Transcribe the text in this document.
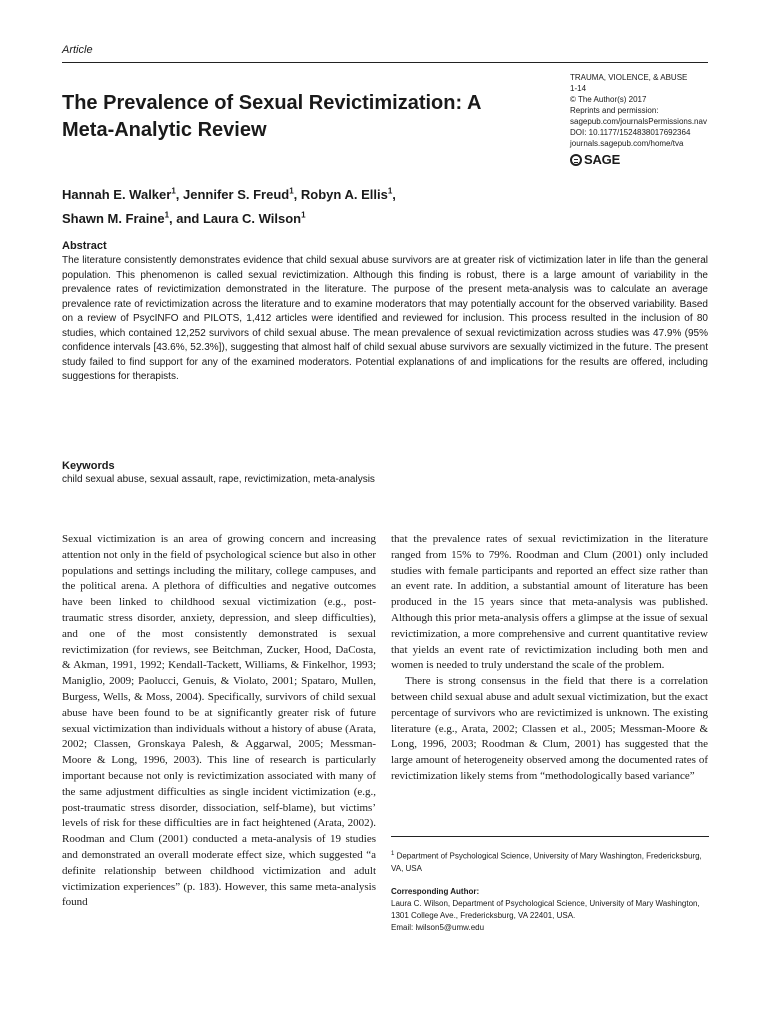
Article
The Prevalence of Sexual Revictimization: A Meta-Analytic Review
TRAUMA, VIOLENCE, & ABUSE
1-14
© The Author(s) 2017
Reprints and permission:
sagepub.com/journalsPermissions.nav
DOI: 10.1177/1524838017692364
journals.sagepub.com/home/tva
SAGE
Hannah E. Walker$^1$, Jennifer S. Freud$^1$, Robyn A. Ellis$^1$,
Shawn M. Fraine$^1$, and Laura C. Wilson$^1$
Abstract

The literature consistently demonstrates evidence that child sexual abuse survivors are at greater risk of victimization later in life than the general population. This phenomenon is called sexual revictimization. Although this finding is robust, there is a large amount of variability in the prevalence rates of revictimization demonstrated in the literature. The purpose of the present meta-analysis was to calculate an average prevalence rate of revictimization across the literature and to examine moderators that may potentially account for the observed variability. Based on a review of PsycINFO and PILOTS, 1,412 articles were identified and reviewed for inclusion. This process resulted in the inclusion of 80 studies, which contained 12,252 survivors of child sexual abuse. The mean prevalence of sexual revictimization across studies was 47.9% (95% confidence intervals [43.6%, 52.3%]), suggesting that almost half of child sexual abuse survivors are sexually victimized in the future. The present study failed to find support for any of the examined moderators. Potential explanations of and implications for the results are offered, including suggestions for therapists.

Keywords

child sexual abuse, sexual assault, rape, revictimization, meta-analysis

Sexual victimization is an area of growing concern and increasing attention not only in the field of psychological science but also in other populations and settings including the military, college campuses, and the political arena. A plethora of difficulties and negative outcomes have been linked to childhood sexual victimization (e.g., post-traumatic stress disorder, anxiety, depression, and sleep difficulties), and one of the most consistently demonstrated is sexual revictimization (for reviews, see Beitchman, Zucker, Hood, DaCosta, & Akman, 1991, 1992; Kendall-Tackett, Williams, & Finkelhor, 1993; Maniglio, 2009; Paolucci, Genuis, & Violato, 2001; Spataro, Mullen, Burgess, Wells, & Moss, 2004). Specifically, survivors of child sexual abuse have been found to be at significantly greater risk of future sexual victimization than individuals without a history of abuse (Arata, 2002; Classen, Gronskaya Palesh, & Aggarwal, 2005; Messman-Moore & Long, 1996, 2003). This line of research is particularly important because not only is revictimization associated with many of the same adjustment difficulties as single incident victimization (e.g., post-traumatic stress disorder, dissociation, self-blame), but victims’ levels of risk for these difficulties are in fact heightened (Arata, 2002). Roodman and Clum (2001) conducted a meta-analysis of 19 studies and demonstrated an overall moderate effect size, which suggested “a definite relationship between childhood victimization and adult victimization experiences” (p. 183). However, this same meta-analysis found

that the prevalence rates of sexual revictimization in the literature ranged from 15% to 79%. Roodman and Clum (2001) only included studies with female participants and reported an effect size rather than an event rate. In addition, a substantial amount of literature has been produced in the 15 years since that meta-analysis was published. Although this prior meta-analysis offers a glimpse at the issue of sexual revictimization, a more comprehensive and current quantitative review that yields an event rate of revictimization including both men and women is needed to truly understand the scale of the problem.

There is strong consensus in the field that there is a correlation between child sexual abuse and adult sexual victimization, but the exact percentage of survivors who are revictimized is unknown. The existing literature (e.g., Arata, 2002; Classen et al., 2005; Messman-Moore & Long, 1996, 2003; Roodman & Clum, 2001) has suggested that the large amount of heterogeneity observed among the documented rates of revictimization likely stems from “methodologically based variance”

$^1$ Department of Psychological Science, University of Mary Washington, Fredericksburg, VA, USA
Corresponding Author:
Laura C. Wilson, Department of Psychological Science, University of Mary Washington, 1301 College Ave., Fredericksburg, VA 22401, USA.
Email: lwilson5@umw.edu
